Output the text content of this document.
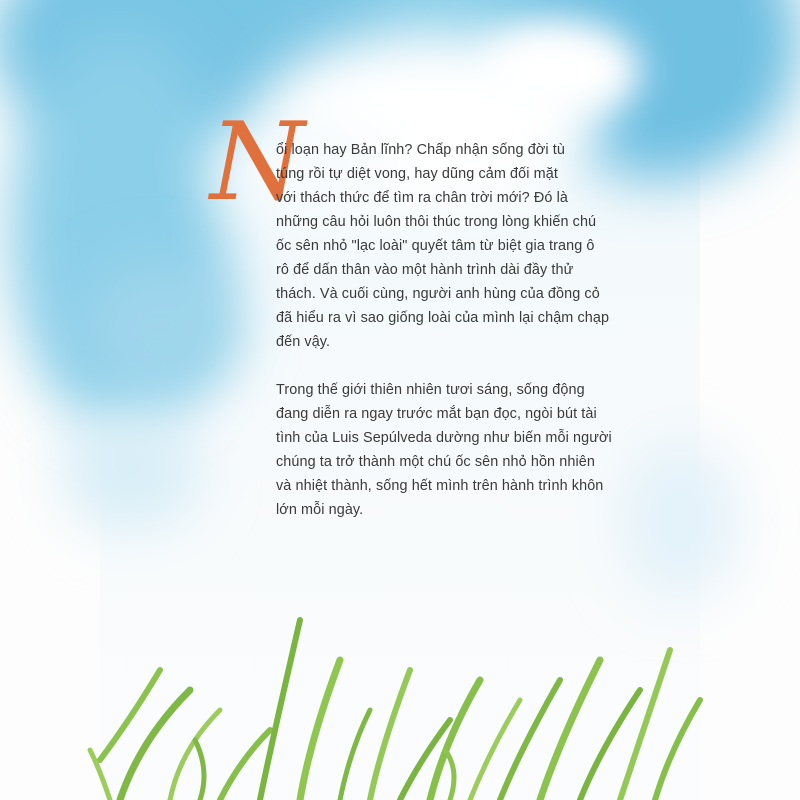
N
ổi loạn hay Bản lĩnh? Chấp nhận sống đời tù
túng rồi tự diệt vong, hay dũng cảm đối mặt
với thách thức để tìm ra chân trời mới? Đó là
những câu hỏi luôn thôi thúc trong lòng khiến chú
ốc sên nhỏ "lạc loài" quyết tâm từ biệt gia trang ô
rô để dấn thân vào một hành trình dài đầy thử
thách. Và cuối cùng, người anh hùng của đồng cỏ
đã hiểu ra vì sao giống loài của mình lại chậm chạp
đến vậy.
Trong thế giới thiên nhiên tươi sáng, sống động
đang diễn ra ngay trước mắt bạn đọc, ngòi bút tài
tình của Luis Sepúlveda dường như biến mỗi người
chúng ta trở thành một chú ốc sên nhỏ hồn nhiên
và nhiệt thành, sống hết mình trên hành trình khôn
lớn mỗi ngày.
